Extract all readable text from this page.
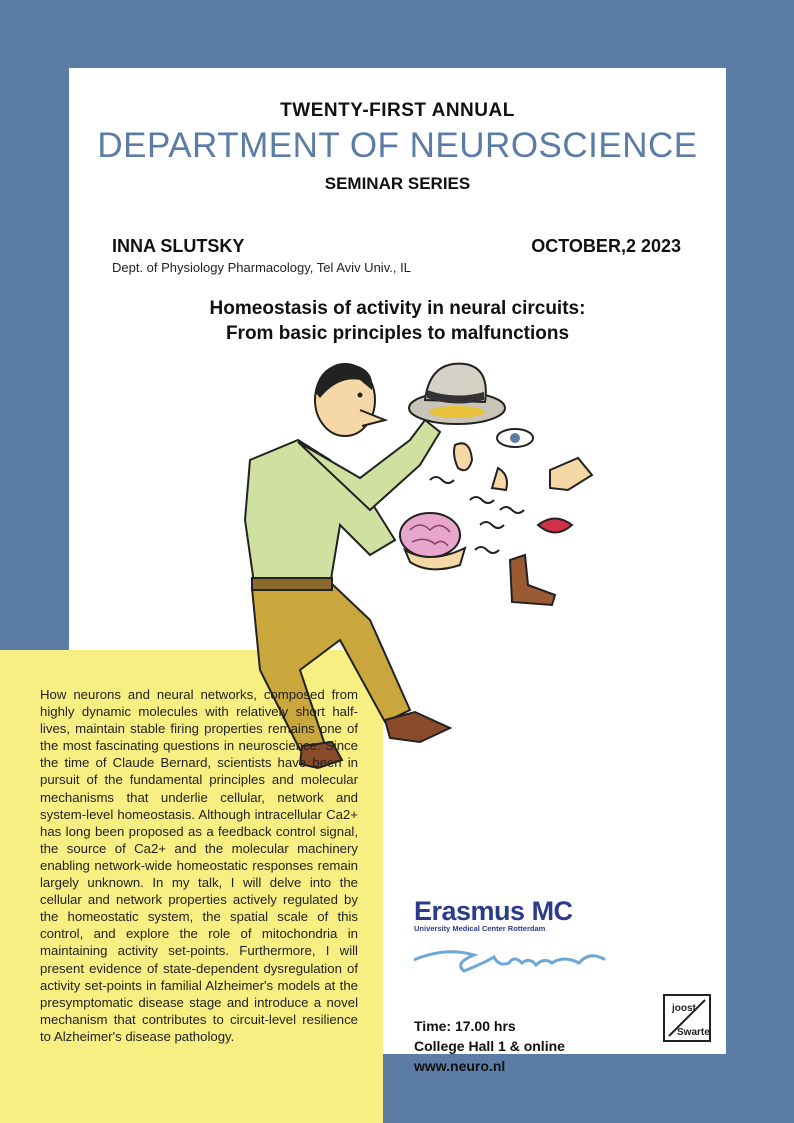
TWENTY-FIRST ANNUAL

DEPARTMENT OF NEUROSCIENCE

SEMINAR SERIES

INNA SLUTSKY	OCTOBER,2 2023

Dept. of Physiology Pharmacology, Tel Aviv Univ., IL

Homeostasis of activity in neural circuits:
From basic principles to malfunctions

How neurons and neural networks, composed from highly dynamic molecules with relatively short half-lives, maintain stable firing properties remains one of the most fascinating questions in neuroscience. Since the time of Claude Bernard, scientists have been in pursuit of the fundamental principles and molecular mechanisms that underlie cellular, network and system-level homeostasis. Although intracellular Ca2+ has long been proposed as a feedback control signal, the source of Ca2+ and the molecular machinery enabling network-wide homeostatic responses remain largely unknown. In my talk, I will delve into the cellular and network properties actively regulated by the homeostatic system, the spatial scale of this control, and explore the role of mitochondria in maintaining activity set-points. Furthermore, I will present evidence of state-dependent dysregulation of activity set-points in familial Alzheimer's models at the presymptomatic disease stage and introduce a novel mechanism that contributes to circuit-level resilience to Alzheimer's disease pathology.

Erasmus MC
University Medical Center Rotterdam
Time: 17.00 hrs
College Hall 1 & online
www.neuro.nl
joost
Swarte
